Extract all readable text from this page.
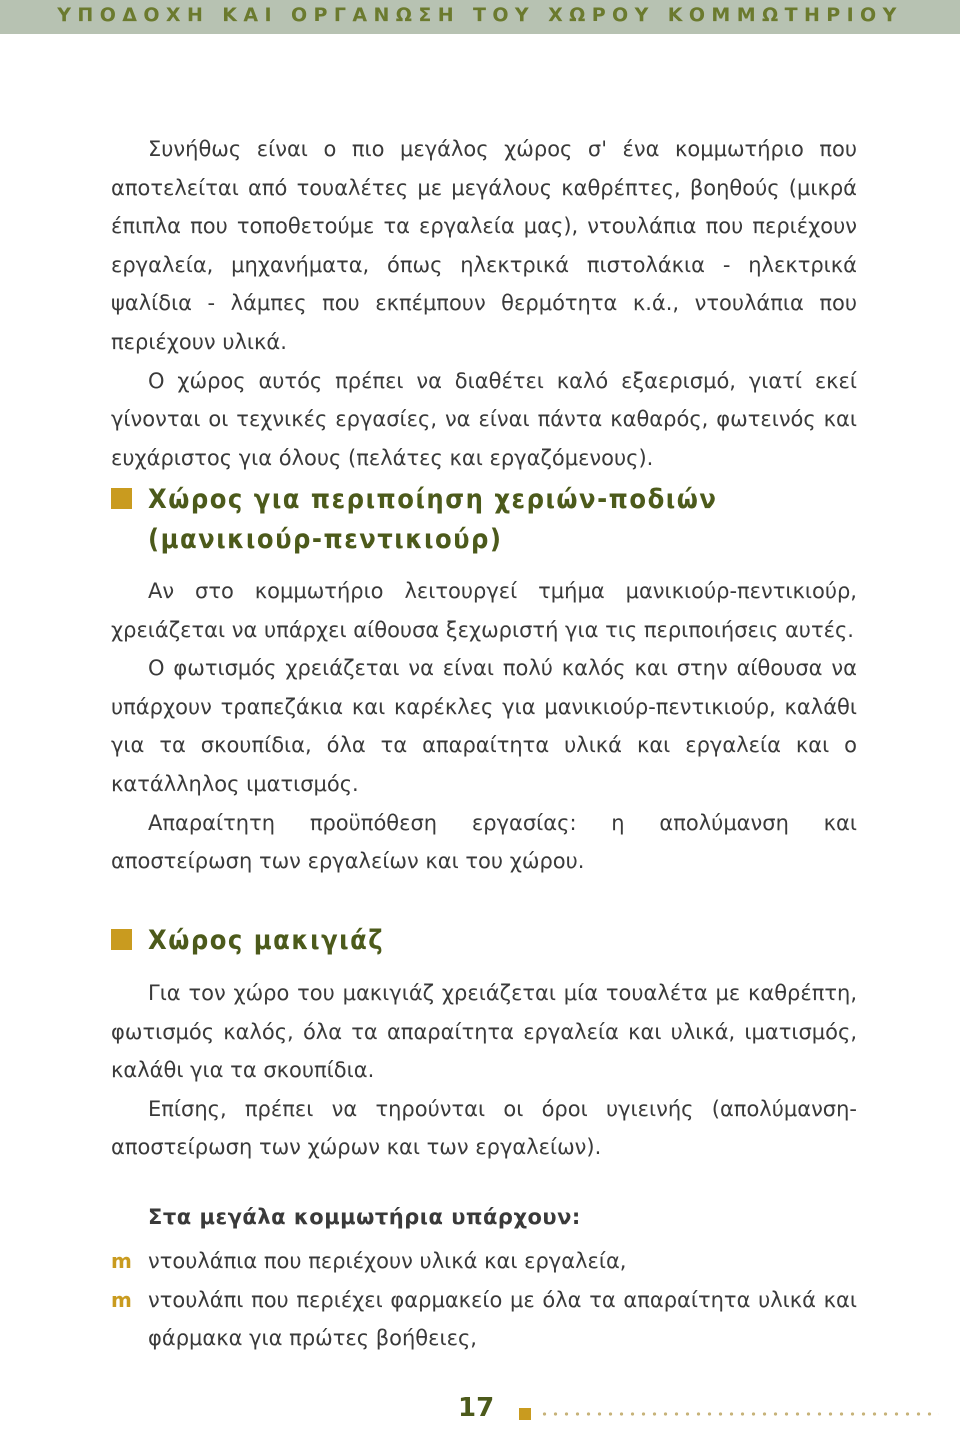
ΥΠΟΔΟΧΗ ΚΑΙ ΟΡΓΑΝΩΣΗ ΤΟΥ ΧΩΡΟΥ ΚΟΜΜΩΤΗΡΙΟΥ

Συνήθως είναι ο πιο μεγάλος χώρος σ' ένα κομμωτήριο που αποτελείται από τουαλέτες με μεγάλους καθρέπτες, βοηθούς (μικρά έπιπλα που τοποθετούμε τα εργαλεία μας), ντουλάπια που περιέχουν εργαλεία, μηχανήματα, όπως ηλεκτρικά πιστολάκια - ηλεκτρικά ψαλίδια - λάμπες που εκπέμπουν θερμότητα κ.ά., ντουλάπια που περιέχουν υλικά.

Ο χώρος αυτός πρέπει να διαθέτει καλό εξαερισμό, γιατί εκεί γίνονται οι τεχνικές εργασίες, να είναι πάντα καθαρός, φωτεινός και ευχάριστος για όλους (πελάτες και εργαζόμενους).

Χώρος για περιποίηση χεριών-ποδιών
(μανικιούρ-πεντικιούρ)

Αν στο κομμωτήριο λειτουργεί τμήμα μανικιούρ-πεντικιούρ, χρειάζεται να υπάρχει αίθουσα ξεχωριστή για τις περιποιήσεις αυτές.

Ο φωτισμός χρειάζεται να είναι πολύ καλός και στην αίθουσα να υπάρχουν τραπεζάκια και καρέκλες για μανικιούρ-πεντικιούρ, καλάθι για τα σκουπίδια, όλα τα απαραίτητα υλικά και εργαλεία και ο κατάλληλος ιματισμός.

Απαραίτητη προϋπόθεση εργασίας: η απολύμανση και αποστείρωση των εργαλείων και του χώρου.

Χώρος μακιγιάζ

Για τον χώρο του μακιγιάζ χρειάζεται μία τουαλέτα με καθρέπτη, φωτισμός καλός, όλα τα απαραίτητα εργαλεία και υλικά, ιματισμός, καλάθι για τα σκουπίδια.

Επίσης, πρέπει να τηρούνται οι όροι υγιεινής (απολύμανση-αποστείρωση των χώρων και των εργαλείων).

Στα μεγάλα κομμωτήρια υπάρχουν:
m ντουλάπια που περιέχουν υλικά και εργαλεία,
m ντουλάπι που περιέχει φαρμακείο με όλα τα απαραίτητα υλικά και φάρμακα για πρώτες βοήθειες,
17
